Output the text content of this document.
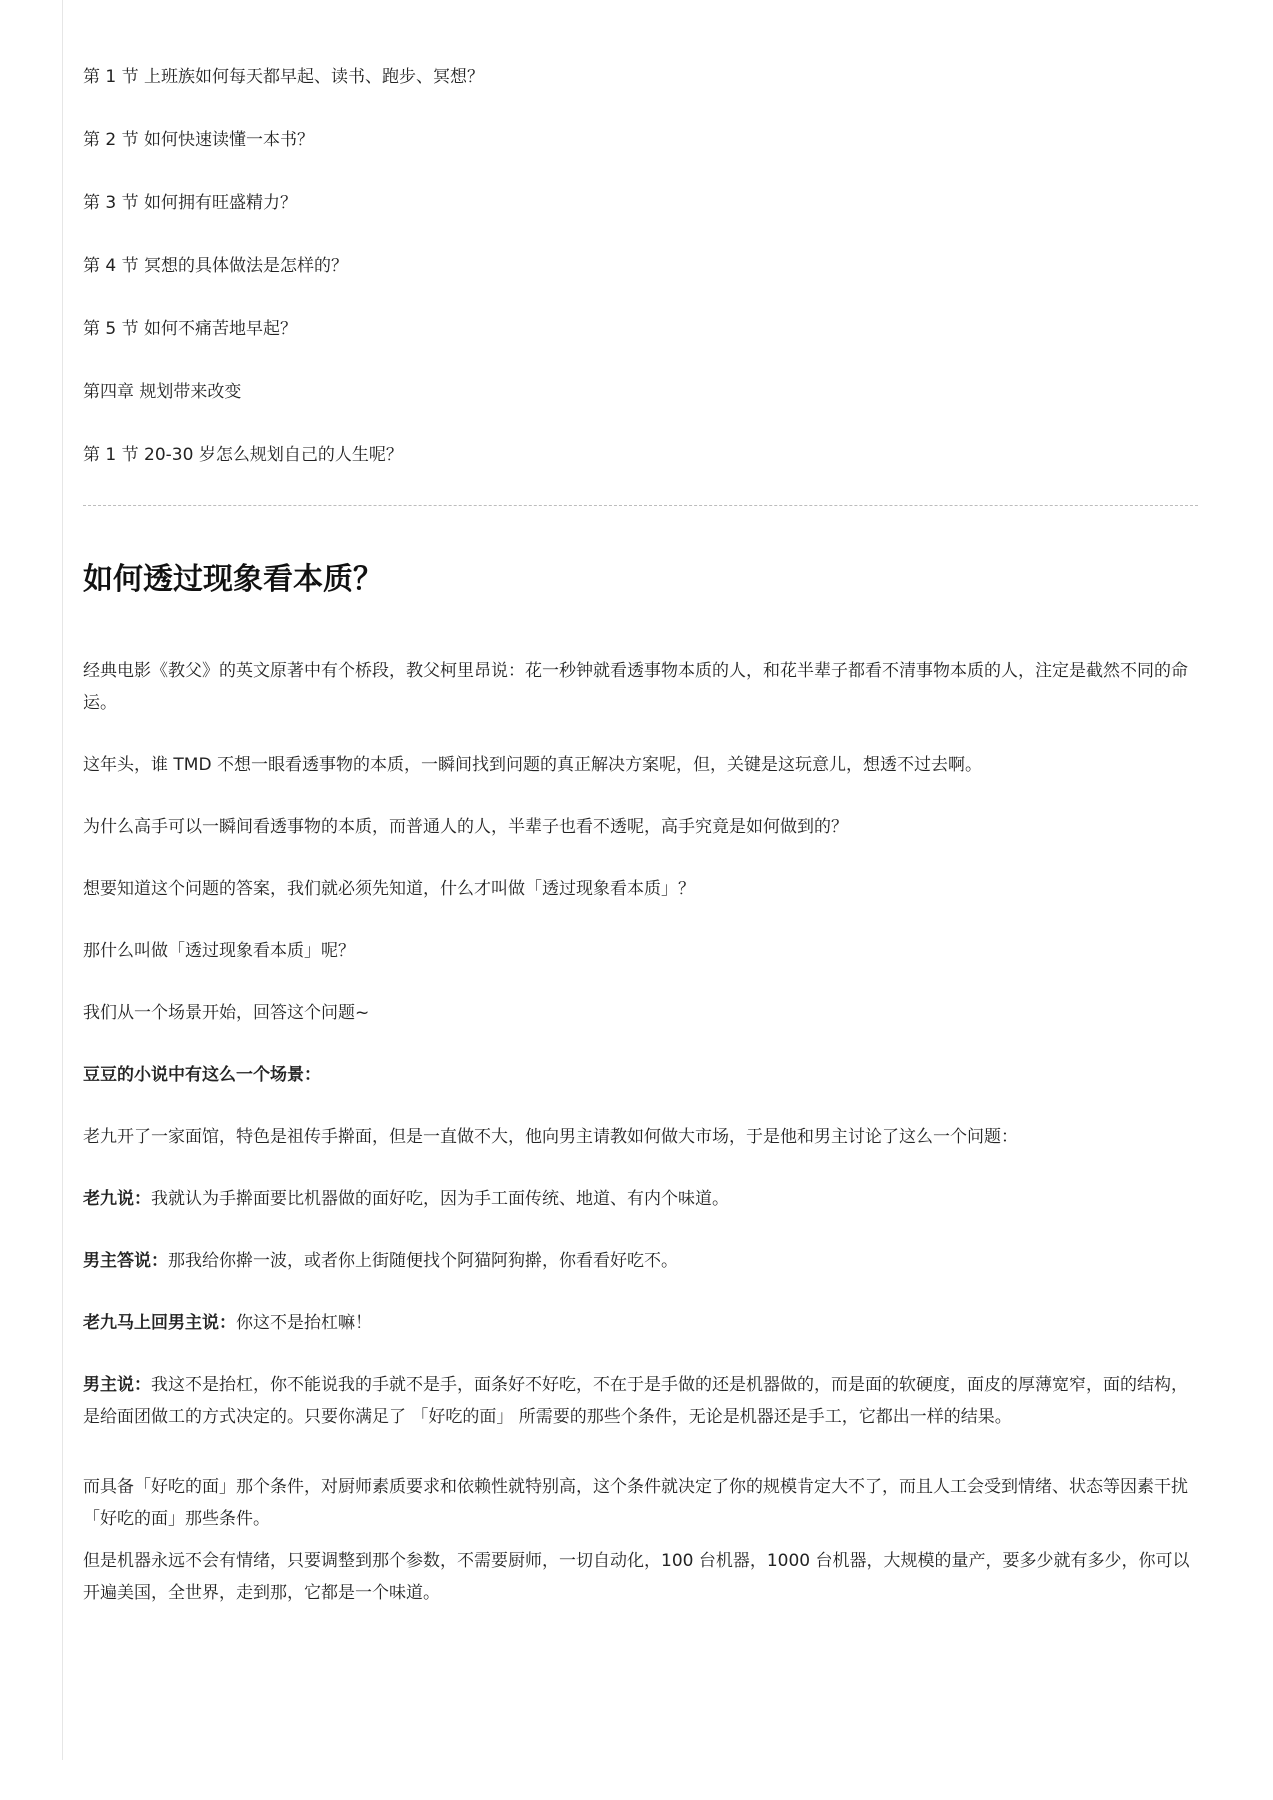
第 1 节 上班族如何每天都早起、读书、跑步、冥想？
第 2 节 如何快速读懂一本书？
第 3 节 如何拥有旺盛精力？
第 4 节 冥想的具体做法是怎样的？
第 5 节 如何不痛苦地早起？
第四章 规划带来改变
第 1 节 20-30 岁怎么规划自己的人生呢？
如何透过现象看本质？

经典电影《教父》的英文原著中有个桥段，教父柯里昂说：花一秒钟就看透事物本质的人，和花半辈子都看不清事物本质的人，注定是截然不同的命运。

这年头，谁 TMD 不想一眼看透事物的本质，一瞬间找到问题的真正解决方案呢，但，关键是这玩意儿，想透不过去啊。

为什么高手可以一瞬间看透事物的本质，而普通人的人，半辈子也看不透呢，高手究竟是如何做到的？

想要知道这个问题的答案，我们就必须先知道，什么才叫做「透过现象看本质」？

那什么叫做「透过现象看本质」呢？

我们从一个场景开始，回答这个问题~

豆豆的小说中有这么一个场景：

老九开了一家面馆，特色是祖传手擀面，但是一直做不大，他向男主请教如何做大市场，于是他和男主讨论了这么一个问题：

老九说：我就认为手擀面要比机器做的面好吃，因为手工面传统、地道、有内个味道。

男主答说：那我给你擀一波，或者你上街随便找个阿猫阿狗擀，你看看好吃不。

老九马上回男主说：你这不是抬杠嘛！

男主说：我这不是抬杠，你不能说我的手就不是手，面条好不好吃，不在于是手做的还是机器做的，而是面的软硬度，面皮的厚薄宽窄，面的结构，是给面团做工的方式决定的。只要你满足了 「好吃的面」 所需要的那些个条件，无论是机器还是手工，它都出一样的结果。

而具备「好吃的面」那个条件，对厨师素质要求和依赖性就特别高，这个条件就决定了你的规模肯定大不了，而且人工会受到情绪、状态等因素干扰「好吃的面」那些条件。

但是机器永远不会有情绪，只要调整到那个参数，不需要厨师，一切自动化，100 台机器，1000 台机器，大规模的量产，要多少就有多少，你可以开遍美国，全世界，走到那，它都是一个味道。
